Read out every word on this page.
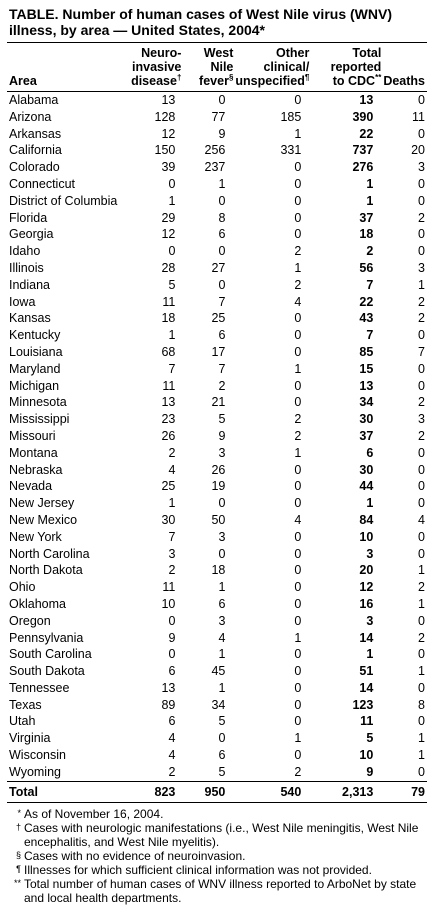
TABLE. Number of human cases of West Nile virus (WNV) illness, by area — United States, 2004*
Area	Neuro-
invasive
disease†	West
Nile
fever§	Other
clinical/
unspecified¶	Total
reported
to CDC**	Deaths
Alabama	13	0	0	13	0
Arizona	128	77	185	390	11
Arkansas	12	9	1	22	0
California	150	256	331	737	20
Colorado	39	237	0	276	3
Connecticut	0	1	0	1	0
District of Columbia	1	0	0	1	0
Florida	29	8	0	37	2
Georgia	12	6	0	18	0
Idaho	0	0	2	2	0
Illinois	28	27	1	56	3
Indiana	5	0	2	7	1
Iowa	11	7	4	22	2
Kansas	18	25	0	43	2
Kentucky	1	6	0	7	0
Louisiana	68	17	0	85	7
Maryland	7	7	1	15	0
Michigan	11	2	0	13	0
Minnesota	13	21	0	34	2
Mississippi	23	5	2	30	3
Missouri	26	9	2	37	2
Montana	2	3	1	6	0
Nebraska	4	26	0	30	0
Nevada	25	19	0	44	0
New Jersey	1	0	0	1	0
New Mexico	30	50	4	84	4
New York	7	3	0	10	0
North Carolina	3	0	0	3	0
North Dakota	2	18	0	20	1
Ohio	11	1	0	12	2
Oklahoma	10	6	0	16	1
Oregon	0	3	0	3	0
Pennsylvania	9	4	1	14	2
South Carolina	0	1	0	1	0
South Dakota	6	45	0	51	1
Tennessee	13	1	0	14	0
Texas	89	34	0	123	8
Utah	6	5	0	11	0
Virginia	4	0	1	5	1
Wisconsin	4	6	0	10	1
Wyoming	2	5	2	9	0
Total	823	950	540	2,313	79
* As of November 16, 2004.
† Cases with neurologic manifestations (i.e., West Nile meningitis, West Nile encephalitis, and West Nile myelitis).
§ Cases with no evidence of neuroinvasion.
¶ Illnesses for which sufficient clinical information was not provided.
** Total number of human cases of WNV illness reported to ArboNet by state and local health departments.
